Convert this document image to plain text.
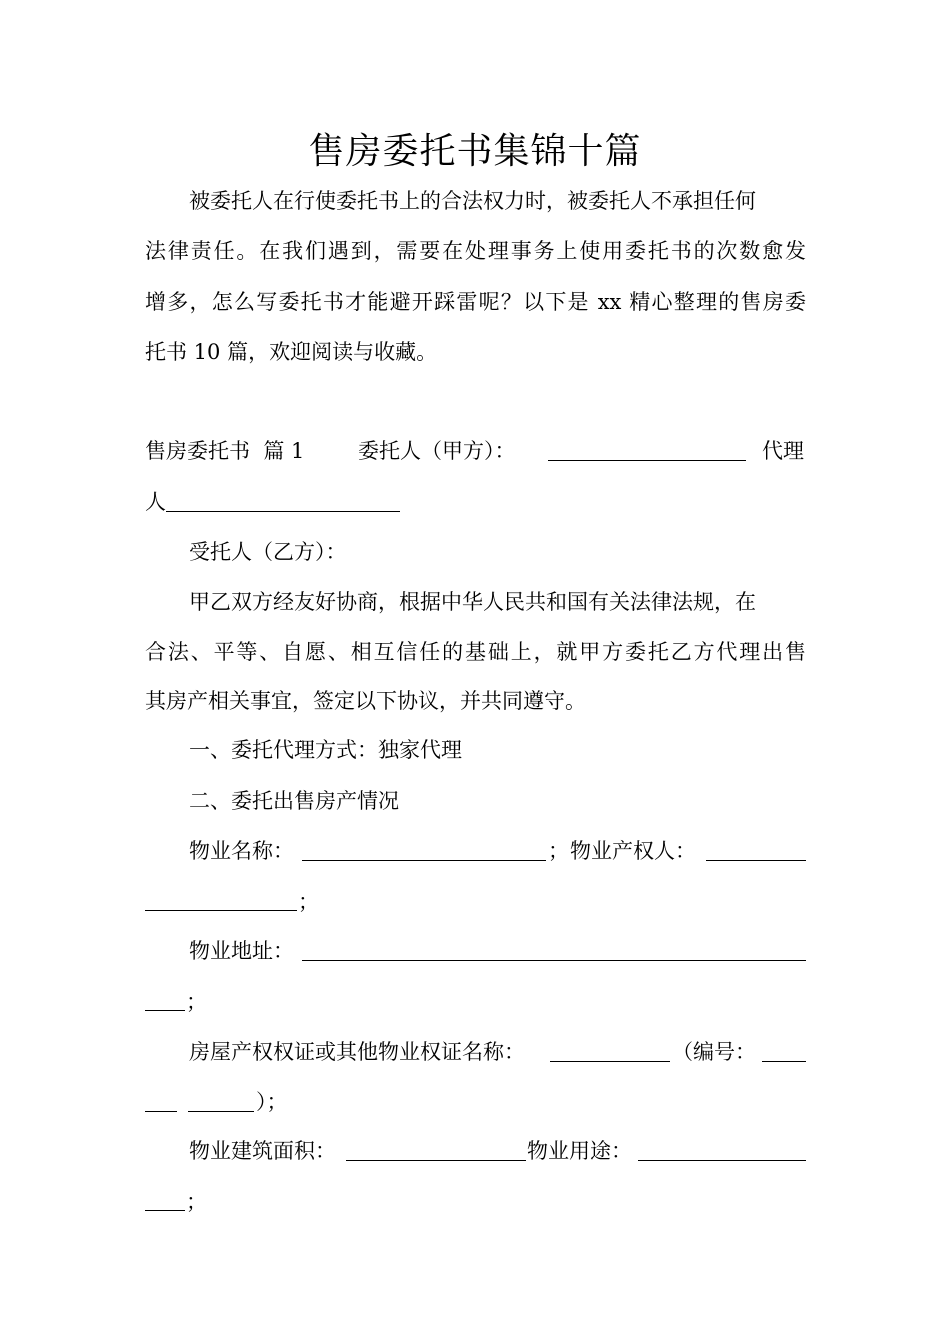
售房委托书集锦十篇
被委托人在行使委托书上的合法权力时，被委托人不承担任何
法律责任。在我们遇到，需要在处理事务上使用委托书的次数愈发
增多，怎么写委托书才能避开踩雷呢？以下是 xx 精心整理的售房委
托书 10 篇，欢迎阅读与收藏。
售房委托书  篇 1	委托人（甲方）：	代理
人
受托人（乙方）：
甲乙双方经友好协商，根据中华人民共和国有关法律法规，在
合法、平等、自愿、相互信任的基础上，就甲方委托乙方代理出售
其房产相关事宜，签定以下协议，并共同遵守。
一、委托代理方式：独家代理
二、委托出售房产情况
物业名称：	； 物业产权人：
；
物业地址：
；
房屋产权权证或其他物业权证名称：	（编号：
）；
物业建筑面积：	物业用途：
；
